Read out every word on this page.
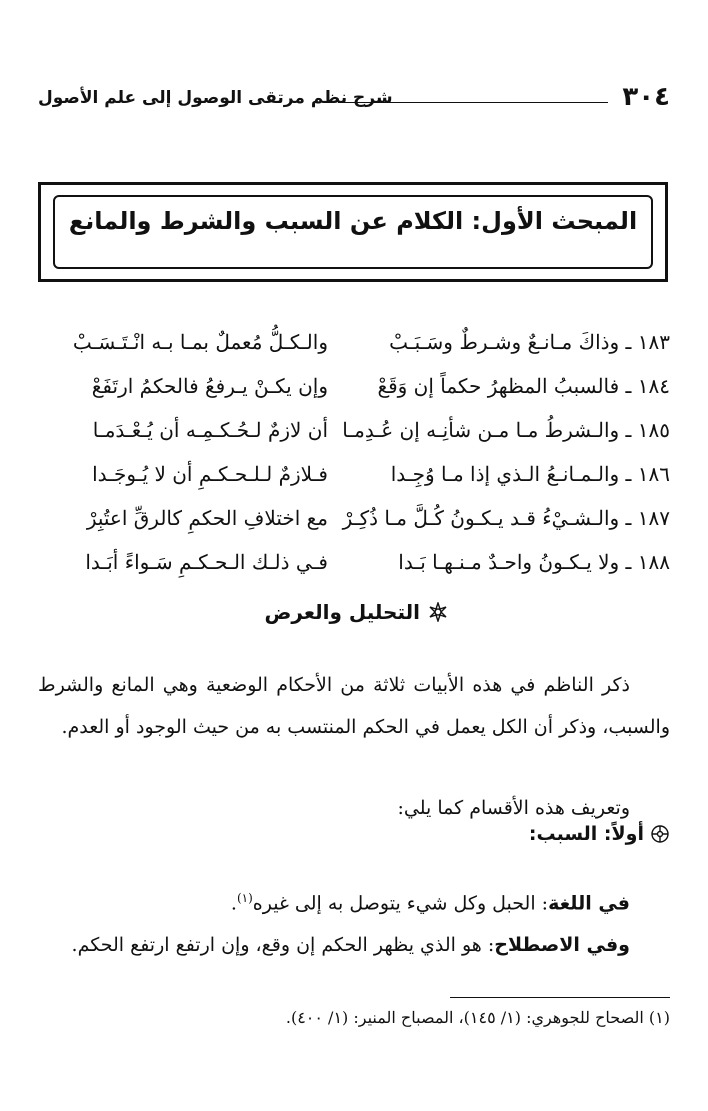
٣٠٤
شرح نظم مرتقى الوصول إلى علم الأصول
المبحث الأول: الكلام عن السبب والشرط والمانع
١٨٣ ـ وذاكَ مـانـعٌ وشـرطٌ وسَـبَـبْ
والـكـلُّ مُعملٌ بمـا بـه انْـتَـسَـبْ
١٨٤ ـ فالسببُ المظهرُ حكماً إن وَقَعْ
وإن يكـنْ يـرفعُ فالحكمُ ارتَفَعْ
١٨٥ ـ والـشرطُ مـا مـن شأنِـه إن عُـدِمـا
أن لازمٌ لـحُـكـمِـه أن يُـعْـدَمـا
١٨٦ ـ والـمـانـعُ الـذي إذا مـا وُجِـدا
فـلازمٌ لـلـحـكـمِ أن لا يُـوجَـدا
١٨٧ ـ والـشـيْءُ قـد يـكـونُ كُـلَّ مـا ذُكِـرْ
مع اختلافِ الحكمِ كالرقِّ اعتُبِرْ
١٨٨ ـ ولا يـكـونُ واحـدٌ مـنـهـا بَـدا
فـي ذلـك الـحـكـمِ سَـواءً أبَـدا
التحليل والعرض

ذكر الناظم في هذه الأبيات ثلاثة من الأحكام الوضعية وهي المانع والشرط والسبب، وذكر أن الكل يعمل في الحكم المنتسب به من حيث الوجود أو العدم.

وتعريف هذه الأقسام كما يلي:

أولاً: السبب:

في اللغة: الحبل وكل شيء يتوصل به إلى غيره$^{(١)}$.

وفي الاصطلاح: هو الذي يظهر الحكم إن وقع، وإن ارتفع ارتفع الحكم.

(١) الصحاح للجوهري: (١/ ١٤٥)، المصباح المنير: (١/ ٤٠٠).
